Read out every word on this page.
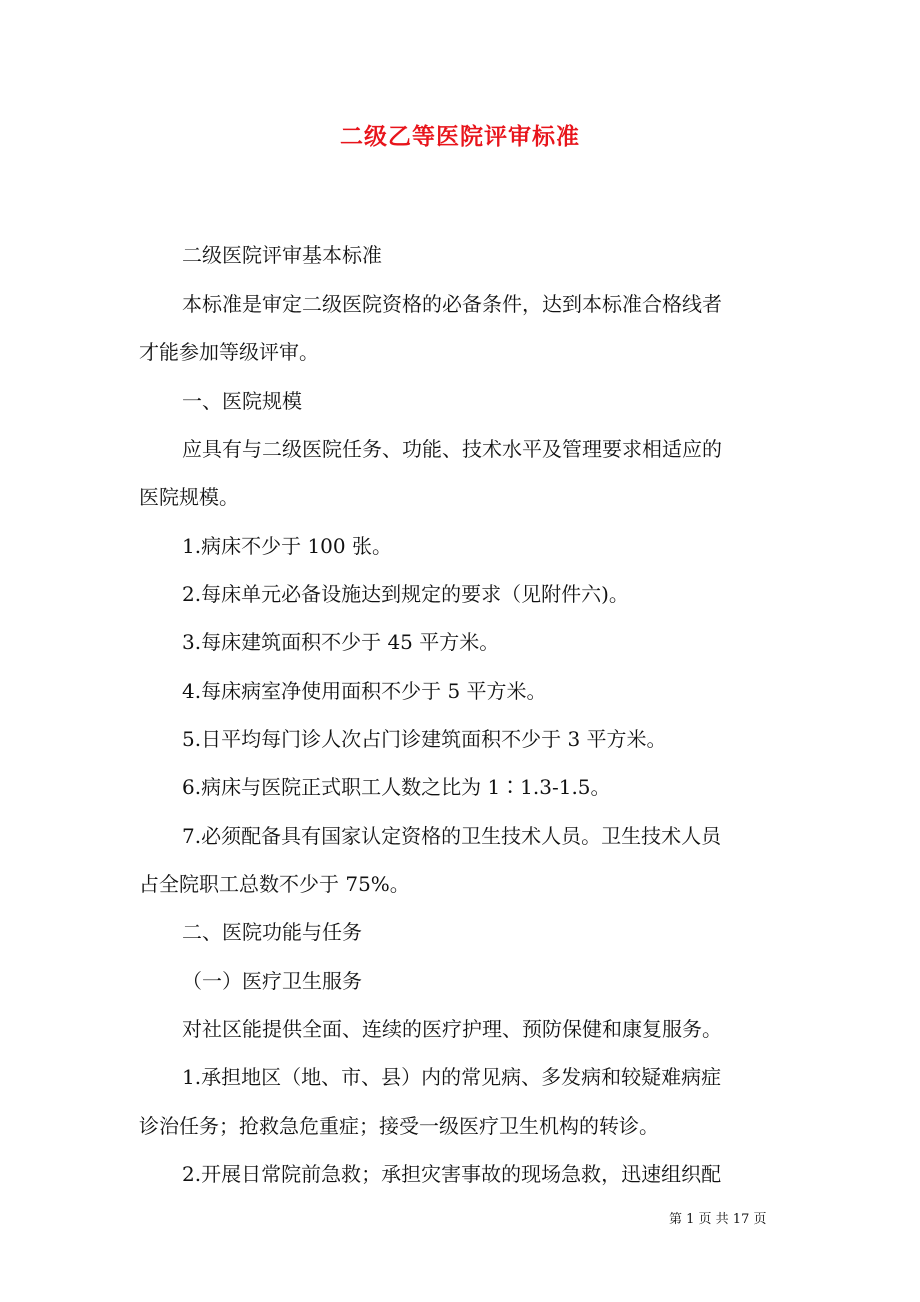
二级乙等医院评审标准
二级医院评审基本标准
本标准是审定二级医院资格的必备条件，达到本标准合格线者
才能参加等级评审。
一、医院规模
应具有与二级医院任务、功能、技术水平及管理要求相适应的
医院规模。
1.病床不少于 100 张。
2.每床单元必备设施达到规定的要求（见附件六)。
3.每床建筑面积不少于 45 平方米。
4.每床病室净使用面积不少于 5 平方米。
5.日平均每门诊人次占门诊建筑面积不少于 3 平方米。
6.病床与医院正式职工人数之比为 1∶1.3-1.5。
7.必须配备具有国家认定资格的卫生技术人员。卫生技术人员
占全院职工总数不少于 75%。
二、医院功能与任务
（一）医疗卫生服务
对社区能提供全面、连续的医疗护理、预防保健和康复服务。
1.承担地区（地、市、县）内的常见病、多发病和较疑难病症
诊治任务；抢救急危重症；接受一级医疗卫生机构的转诊。
2.开展日常院前急救；承担灾害事故的现场急救，迅速组织配
第 1 页 共 17 页
